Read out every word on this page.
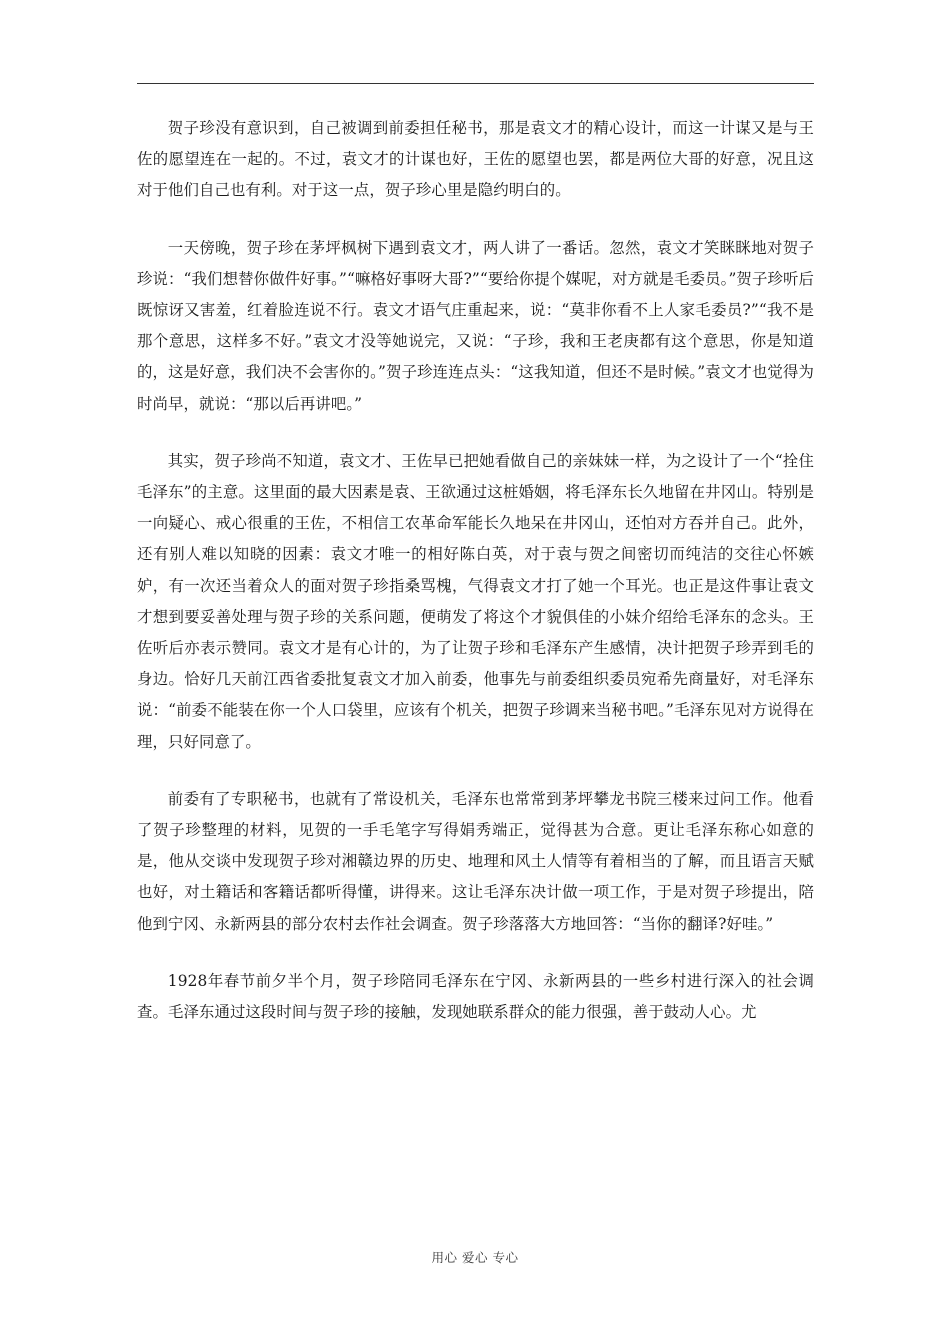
贺子珍没有意识到，自己被调到前委担任秘书，那是袁文才的精心设计，而这一计谋又是与王佐的愿望连在一起的。不过，袁文才的计谋也好，王佐的愿望也罢，都是两位大哥的好意，况且这对于他们自己也有利。对于这一点，贺子珍心里是隐约明白的。

一天傍晚，贺子珍在茅坪枫树下遇到袁文才，两人讲了一番话。忽然，袁文才笑眯眯地对贺子珍说：“我们想替你做件好事。”“嘛格好事呀大哥?”“要给你提个媒呢，对方就是毛委员。”贺子珍听后既惊讶又害羞，红着脸连说不行。袁文才语气庄重起来，说：“莫非你看不上人家毛委员?”“我不是那个意思，这样多不好。”袁文才没等她说完，又说：“子珍，我和王老庚都有这个意思，你是知道的，这是好意，我们决不会害你的。”贺子珍连连点头：“这我知道，但还不是时候。”袁文才也觉得为时尚早，就说：“那以后再讲吧。”

其实，贺子珍尚不知道，袁文才、王佐早已把她看做自己的亲妹妹一样，为之设计了一个“拴住毛泽东”的主意。这里面的最大因素是袁、王欲通过这桩婚姻，将毛泽东长久地留在井冈山。特别是一向疑心、戒心很重的王佐，不相信工农革命军能长久地呆在井冈山，还怕对方吞并自己。此外，还有别人难以知晓的因素：袁文才唯一的相好陈白英，对于袁与贺之间密切而纯洁的交往心怀嫉妒，有一次还当着众人的面对贺子珍指桑骂槐，气得袁文才打了她一个耳光。也正是这件事让袁文才想到要妥善处理与贺子珍的关系问题，便萌发了将这个才貌俱佳的小妹介绍给毛泽东的念头。王佐听后亦表示赞同。袁文才是有心计的，为了让贺子珍和毛泽东产生感情，决计把贺子珍弄到毛的身边。恰好几天前江西省委批复袁文才加入前委，他事先与前委组织委员宛希先商量好，对毛泽东说：“前委不能装在你一个人口袋里，应该有个机关，把贺子珍调来当秘书吧。”毛泽东见对方说得在理，只好同意了。

前委有了专职秘书，也就有了常设机关，毛泽东也常常到茅坪攀龙书院三楼来过问工作。他看了贺子珍整理的材料，见贺的一手毛笔字写得娟秀端正，觉得甚为合意。更让毛泽东称心如意的是，他从交谈中发现贺子珍对湘赣边界的历史、地理和风土人情等有着相当的了解，而且语言天赋也好，对土籍话和客籍话都听得懂，讲得来。这让毛泽东决计做一项工作，于是对贺子珍提出，陪他到宁冈、永新两县的部分农村去作社会调查。贺子珍落落大方地回答：“当你的翻译?好哇。”

1928年春节前夕半个月，贺子珍陪同毛泽东在宁冈、永新两县的一些乡村进行深入的社会调查。毛泽东通过这段时间与贺子珍的接触，发现她联系群众的能力很强，善于鼓动人心。尤

用心 爱心 专心
